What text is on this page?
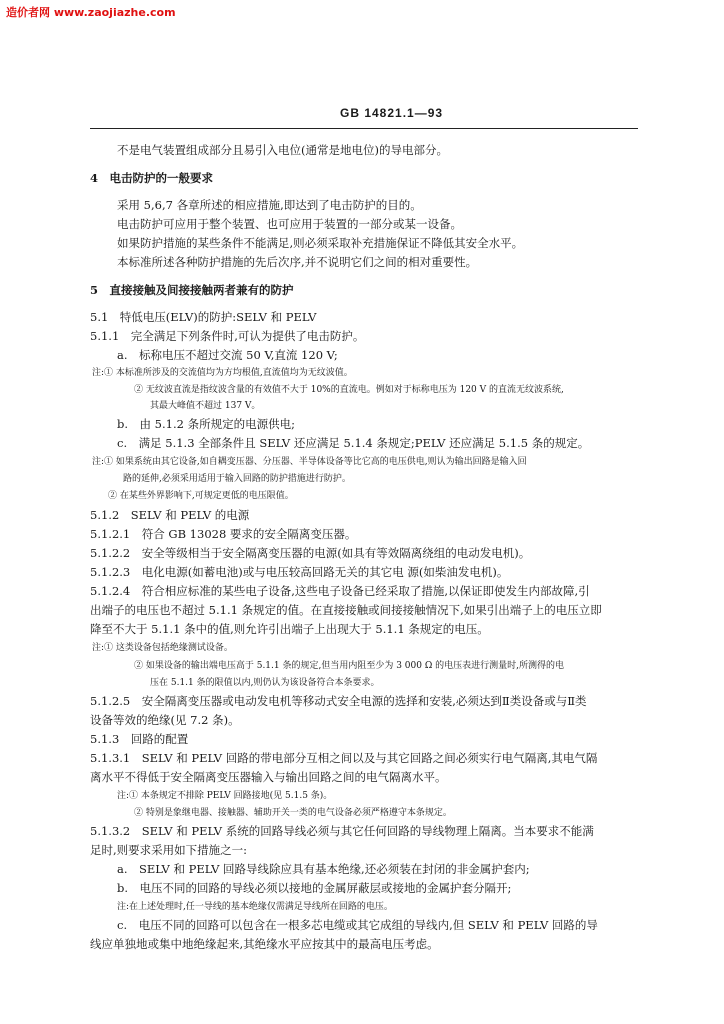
造价者网 www.zaojiazhe.com
GB 14821.1—93
不是电气装置组成部分且易引入电位(通常是地电位)的导电部分。
4　电击防护的一般要求
采用 5,6,7 各章所述的相应措施,即达到了电击防护的目的。
电击防护可应用于整个装置、也可应用于装置的一部分或某一设备。
如果防护措施的某些条件不能满足,则必须采取补充措施保证不降低其安全水平。
本标准所述各种防护措施的先后次序,并不说明它们之间的相对重要性。
5　直接接触及间接接触两者兼有的防护
5.1　特低电压(ELV)的防护:SELV 和 PELV
5.1.1　完全满足下列条件时,可认为提供了电击防护。
a.　标称电压不超过交流 50 V,直流 120 V;
注:① 本标准所涉及的交流值均为方均根值,直流值均为无纹波值。
② 无纹波直流是指纹波含量的有效值不大于 10%的直流电。例如对于标称电压为 120 V 的直流无纹波系统,
其最大峰值不超过 137 V。
b.　由 5.1.2 条所规定的电源供电;
c.　满足 5.1.3 全部条件且 SELV 还应满足 5.1.4 条规定;PELV 还应满足 5.1.5 条的规定。
注:① 如果系统由其它设备,如自耦变压器、分压器、半导体设备等比它高的电压供电,则认为输出回路是输入回
路的延伸,必须采用适用于输入回路的防护措施进行防护。
② 在某些外界影响下,可规定更低的电压限值。
5.1.2　SELV 和 PELV 的电源
5.1.2.1　符合 GB 13028 要求的安全隔离变压器。
5.1.2.2　安全等级相当于安全隔离变压器的电源(如具有等效隔离绕组的电动发电机)。
5.1.2.3　电化电源(如蓄电池)或与电压较高回路无关的其它电 源(如柴油发电机)。
5.1.2.4　符合相应标准的某些电子设备,这些电子设备已经采取了措施,以保证即使发生内部故障,引
出端子的电压也不超过 5.1.1 条规定的值。在直接接触或间接接触情况下,如果引出端子上的电压立即
降至不大于 5.1.1 条中的值,则允许引出端子上出现大于 5.1.1 条规定的电压。
注:① 这类设备包括绝缘测试设备。
② 如果设备的输出端电压高于 5.1.1 条的规定,但当用内阻至少为 3 000 Ω 的电压表进行测量时,所测得的电
压在 5.1.1 条的限值以内,则仍认为该设备符合本条要求。
5.1.2.5　安全隔离变压器或电动发电机等移动式安全电源的选择和安装,必须达到Ⅱ类设备或与Ⅱ类
设备等效的绝缘(见 7.2 条)。
5.1.3　回路的配置
5.1.3.1　SELV 和 PELV 回路的带电部分互相之间以及与其它回路之间必须实行电气隔离,其电气隔
离水平不得低于安全隔离变压器输入与输出回路之间的电气隔离水平。
注:① 本条规定不排除 PELV 回路接地(见 5.1.5 条)。
② 特别是象继电器、接触器、辅助开关一类的电气设备必须严格遵守本条规定。
5.1.3.2　SELV 和 PELV 系统的回路导线必须与其它任何回路的导线物理上隔离。当本要求不能满
足时,则要求采用如下措施之一:
a.　SELV 和 PELV 回路导线除应具有基本绝缘,还必须装在封闭的非金属护套内;
b.　电压不同的回路的导线必须以接地的金属屏蔽层或接地的金属护套分隔开;
注:在上述处理时,任一导线的基本绝缘仅需满足导线所在回路的电压。
c.　电压不同的回路可以包含在一根多芯电缆或其它成组的导线内,但 SELV 和 PELV 回路的导
线应单独地或集中地绝缘起来,其绝缘水平应按其中的最高电压考虑。
